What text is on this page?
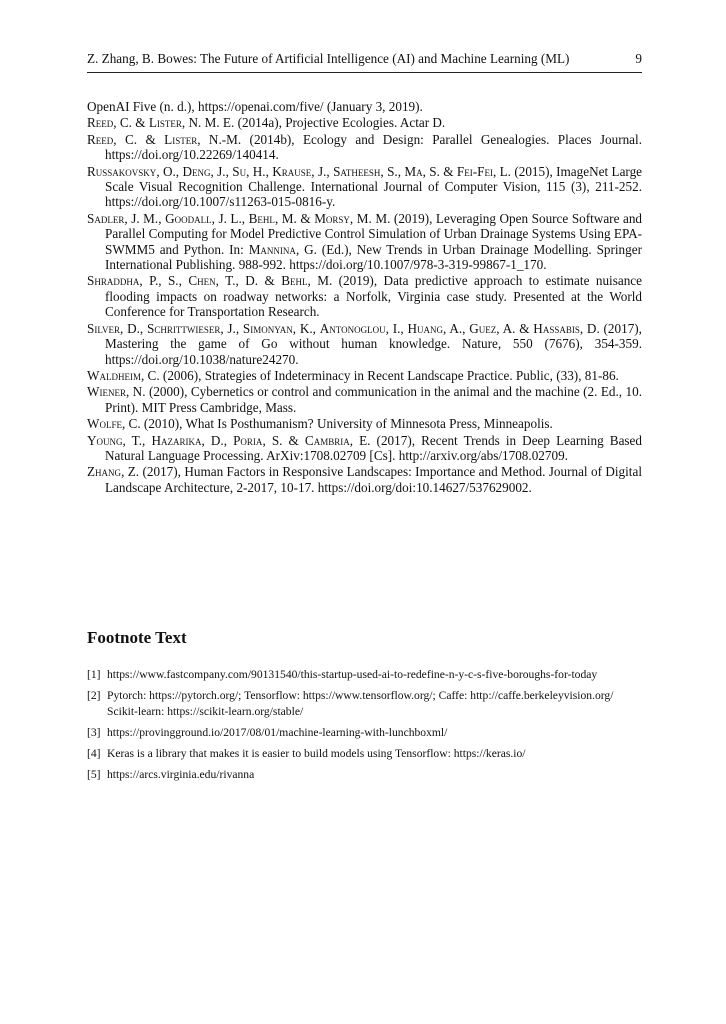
Z. Zhang, B. Bowes: The Future of Artificial Intelligence (AI) and Machine Learning (ML)	9
OpenAI Five (n. d.), https://openai.com/five/ (January 3, 2019).
Reed, C. & Lister, N. M. E. (2014a), Projective Ecologies. Actar D.
Reed, C. & Lister, N.-M. (2014b), Ecology and Design: Parallel Genealogies. Places Journal. https://doi.org/10.22269/140414.
Russakovsky, O., Deng, J., Su, H., Krause, J., Satheesh, S., Ma, S. & Fei-Fei, L. (2015), ImageNet Large Scale Visual Recognition Challenge. International Journal of Computer Vision, 115 (3), 211-252. https://doi.org/10.1007/s11263-015-0816-y.
Sadler, J. M., Goodall, J. L., Behl, M. & Morsy, M. M. (2019), Leveraging Open Source Software and Parallel Computing for Model Predictive Control Simulation of Urban Drainage Systems Using EPA-SWMM5 and Python. In: Mannina, G. (Ed.), New Trends in Urban Drainage Modelling. Springer International Publishing. 988-992. https://doi.org/10.1007/978-3-319-99867-1_170.
Shraddha, P., S., Chen, T., D. & Behl, M. (2019), Data predictive approach to estimate nuisance flooding impacts on roadway networks: a Norfolk, Virginia case study. Presented at the World Conference for Transportation Research.
Silver, D., Schrittwieser, J., Simonyan, K., Antonoglou, I., Huang, A., Guez, A. & Hassabis, D. (2017), Mastering the game of Go without human knowledge. Nature, 550 (7676), 354-359. https://doi.org/10.1038/nature24270.
Waldheim, C. (2006), Strategies of Indeterminacy in Recent Landscape Practice. Public, (33), 81-86.
Wiener, N. (2000), Cybernetics or control and communication in the animal and the machine (2. Ed., 10. Print). MIT Press Cambridge, Mass.
Wolfe, C. (2010), What Is Posthumanism? University of Minnesota Press, Minneapolis.
Young, T., Hazarika, D., Poria, S. & Cambria, E. (2017), Recent Trends in Deep Learning Based Natural Language Processing. ArXiv:1708.02709 [Cs]. http://arxiv.org/abs/1708.02709.
Zhang, Z. (2017), Human Factors in Responsive Landscapes: Importance and Method. Journal of Digital Landscape Architecture, 2-2017, 10-17. https://doi.org/doi:10.14627/537629002.
Footnote Text
[1] https://www.fastcompany.com/90131540/this-startup-used-ai-to-redefine-n-y-c-s-five-boroughs-for-today
[2] Pytorch: https://pytorch.org/; Tensorflow: https://www.tensorflow.org/; Caffe: http://caffe.berkeleyvision.org/ Scikit-learn: https://scikit-learn.org/stable/
[3] https://provingground.io/2017/08/01/machine-learning-with-lunchboxml/
[4] Keras is a library that makes it is easier to build models using Tensorflow: https://keras.io/
[5] https://arcs.virginia.edu/rivanna
